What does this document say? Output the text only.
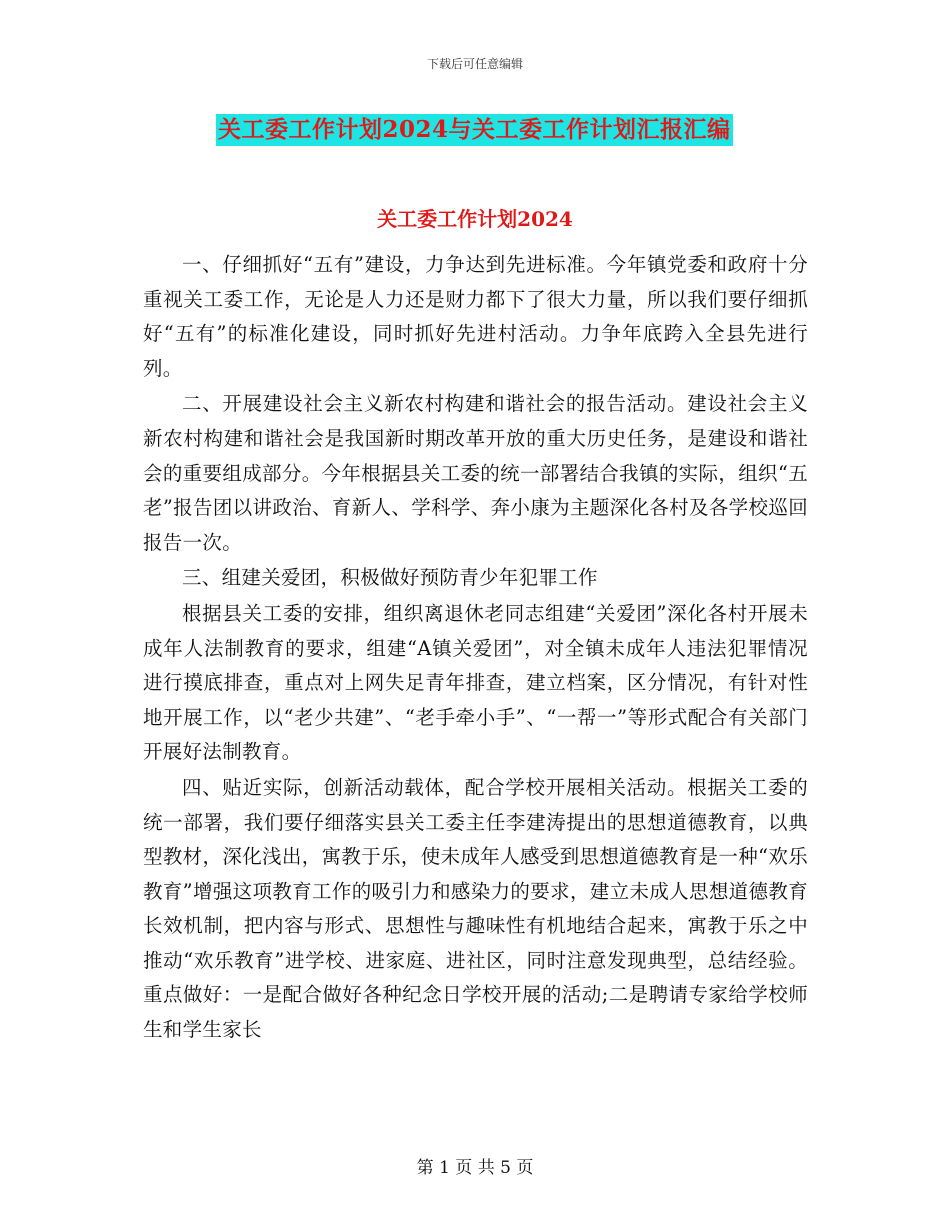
下载后可任意编辑
关工委工作计划2024与关工委工作计划汇报汇编
关工委工作计划2024

一、仔细抓好“五有”建设，力争达到先进标准。今年镇党委和政府十分重视关工委工作，无论是人力还是财力都下了很大力量，所以我们要仔细抓好“五有”的标准化建设，同时抓好先进村活动。力争年底跨入全县先进行列。

二、开展建设社会主义新农村构建和谐社会的报告活动。建设社会主义新农村构建和谐社会是我国新时期改革开放的重大历史任务，是建设和谐社会的重要组成部分。今年根据县关工委的统一部署结合我镇的实际，组织“五老”报告团以讲政治、育新人、学科学、奔小康为主题深化各村及各学校巡回报告一次。

三、组建关爱团，积极做好预防青少年犯罪工作

根据县关工委的安排，组织离退休老同志组建“关爱团”深化各村开展未成年人法制教育的要求，组建“A镇关爱团”，对全镇未成年人违法犯罪情况进行摸底排查，重点对上网失足青年排查，建立档案，区分情况，有针对性地开展工作，以“老少共建”、“老手牵小手”、“一帮一”等形式配合有关部门开展好法制教育。

四、贴近实际，创新活动载体，配合学校开展相关活动。根据关工委的统一部署，我们要仔细落实县关工委主任李建涛提出的思想道德教育，以典型教材，深化浅出，寓教于乐，使未成年人感受到思想道德教育是一种“欢乐教育”增强这项教育工作的吸引力和感染力的要求，建立未成人思想道德教育长效机制，把内容与形式、思想性与趣味性有机地结合起来，寓教于乐之中推动“欢乐教育”进学校、进家庭、进社区，同时注意发现典型，总结经验。重点做好：一是配合做好各种纪念日学校开展的活动;二是聘请专家给学校师生和学生家长

第 1 页 共 5 页
